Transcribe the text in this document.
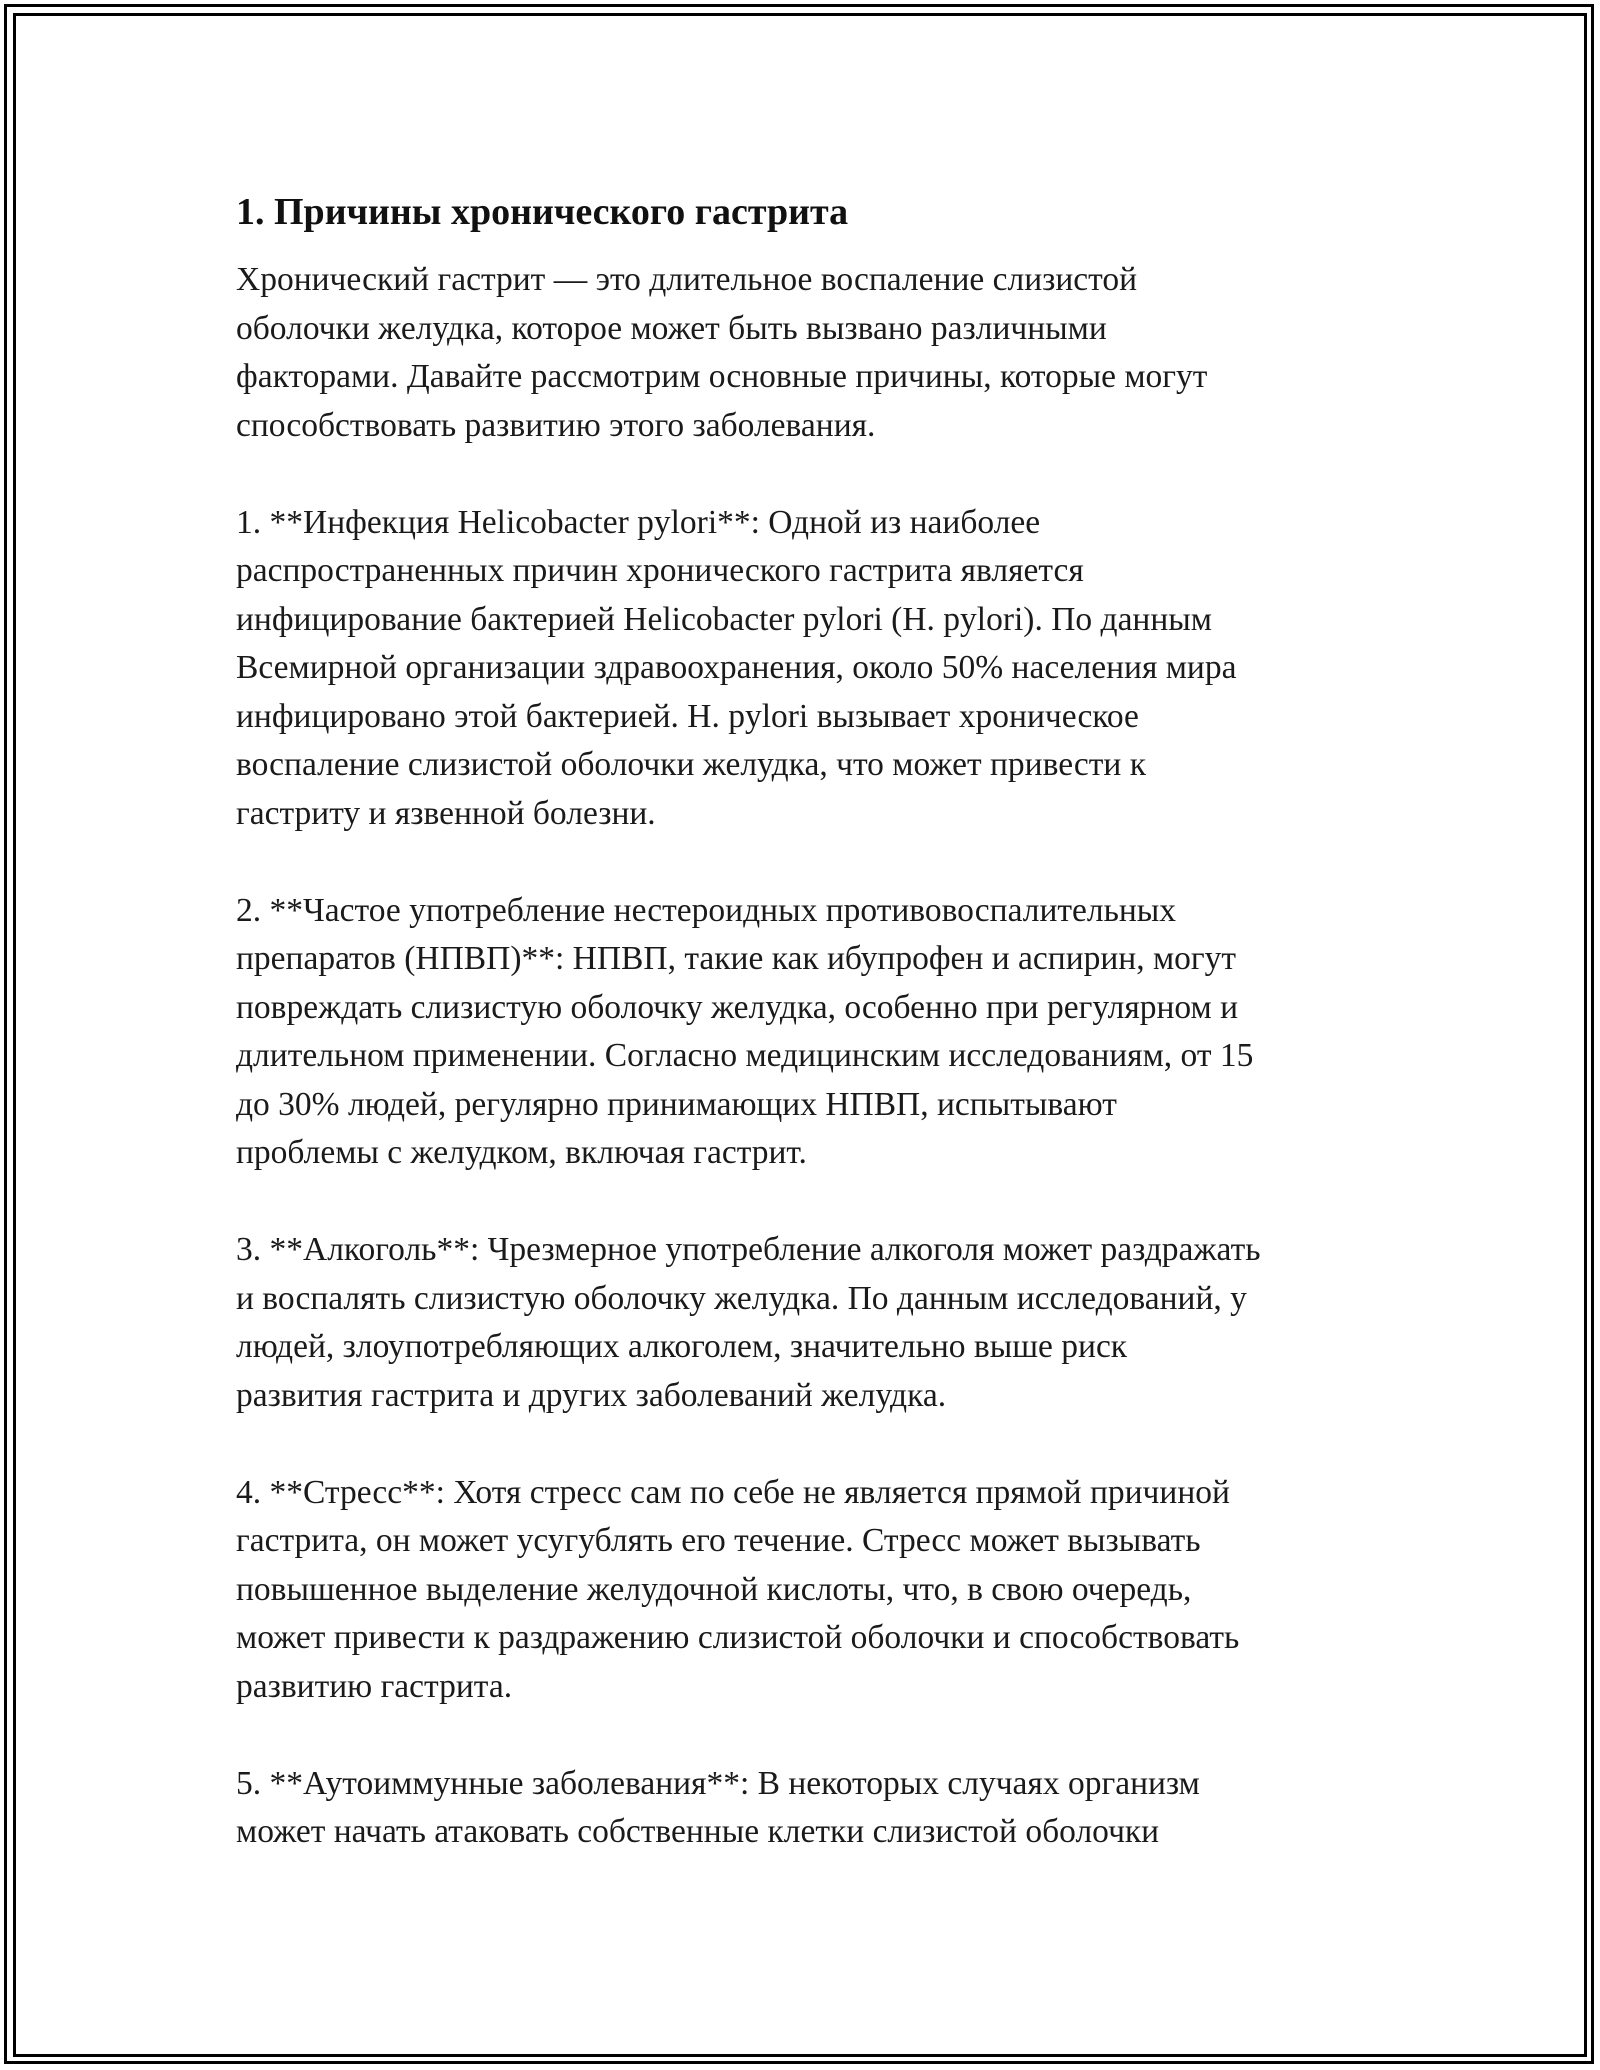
1. Причины хронического гастрита

Хронический гастрит — это длительное воспаление слизистой
оболочки желудка, которое может быть вызвано различными
факторами. Давайте рассмотрим основные причины, которые могут
способствовать развитию этого заболевания.

1. **Инфекция Helicobacter pylori**: Одной из наиболее
распространенных причин хронического гастрита является
инфицирование бактерией Helicobacter pylori (H. pylori). По данным
Всемирной организации здравоохранения, около 50% населения мира
инфицировано этой бактерией. H. pylori вызывает хроническое
воспаление слизистой оболочки желудка, что может привести к
гастриту и язвенной болезни.

2. **Частое употребление нестероидных противовоспалительных
препаратов (НПВП)**: НПВП, такие как ибупрофен и аспирин, могут
повреждать слизистую оболочку желудка, особенно при регулярном и
длительном применении. Согласно медицинским исследованиям, от 15
до 30% людей, регулярно принимающих НПВП, испытывают
проблемы с желудком, включая гастрит.

3. **Алкоголь**: Чрезмерное употребление алкоголя может раздражать
и воспалять слизистую оболочку желудка. По данным исследований, у
людей, злоупотребляющих алкоголем, значительно выше риск
развития гастрита и других заболеваний желудка.

4. **Стресс**: Хотя стресс сам по себе не является прямой причиной
гастрита, он может усугублять его течение. Стресс может вызывать
повышенное выделение желудочной кислоты, что, в свою очередь,
может привести к раздражению слизистой оболочки и способствовать
развитию гастрита.

5. **Аутоиммунные заболевания**: В некоторых случаях организм
может начать атаковать собственные клетки слизистой оболочки
